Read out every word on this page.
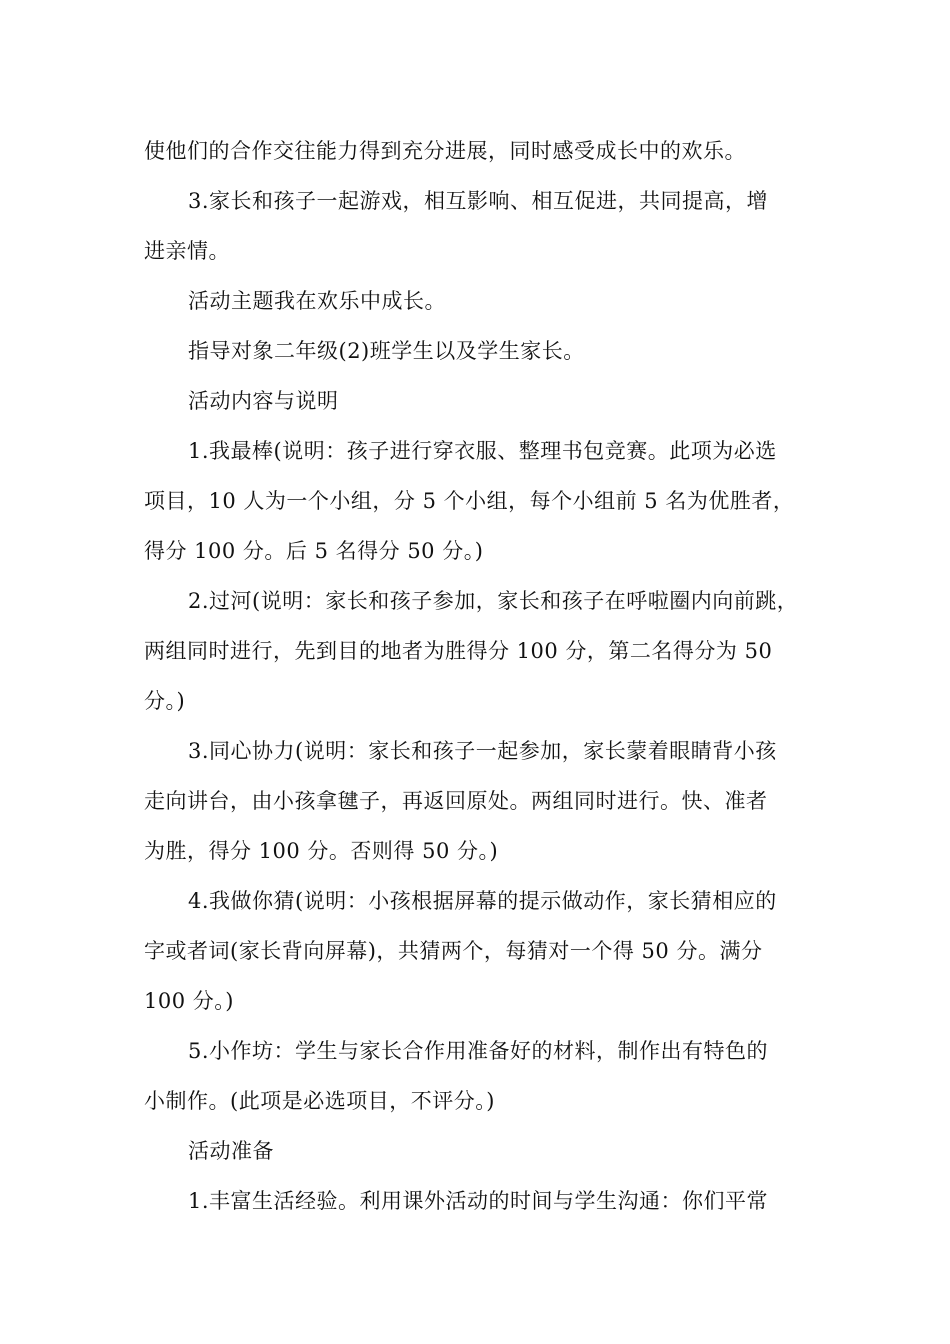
使他们的合作交往能力得到充分进展，同时感受成长中的欢乐。
3.家长和孩子一起游戏，相互影响、相互促进，共同提高，增
进亲情。
活动主题我在欢乐中成长。
指导对象二年级(2)班学生以及学生家长。
活动内容与说明
1.我最棒(说明：孩子进行穿衣服、整理书包竞赛。此项为必选
项目，10 人为一个小组，分 5 个小组，每个小组前 5 名为优胜者，
得分 100 分。后 5 名得分 50 分。)
2.过河(说明：家长和孩子参加，家长和孩子在呼啦圈内向前跳，
两组同时进行，先到目的地者为胜得分 100 分，第二名得分为 50
分。)
3.同心协力(说明：家长和孩子一起参加，家长蒙着眼睛背小孩
走向讲台，由小孩拿毽子，再返回原处。两组同时进行。快、准者
为胜，得分 100 分。否则得 50 分。)
4.我做你猜(说明：小孩根据屏幕的提示做动作，家长猜相应的
字或者词(家长背向屏幕)，共猜两个，每猜对一个得 50 分。满分
100 分。)
5.小作坊：学生与家长合作用准备好的材料，制作出有特色的
小制作。(此项是必选项目，不评分。)
活动准备
1.丰富生活经验。利用课外活动的时间与学生沟通：你们平常
